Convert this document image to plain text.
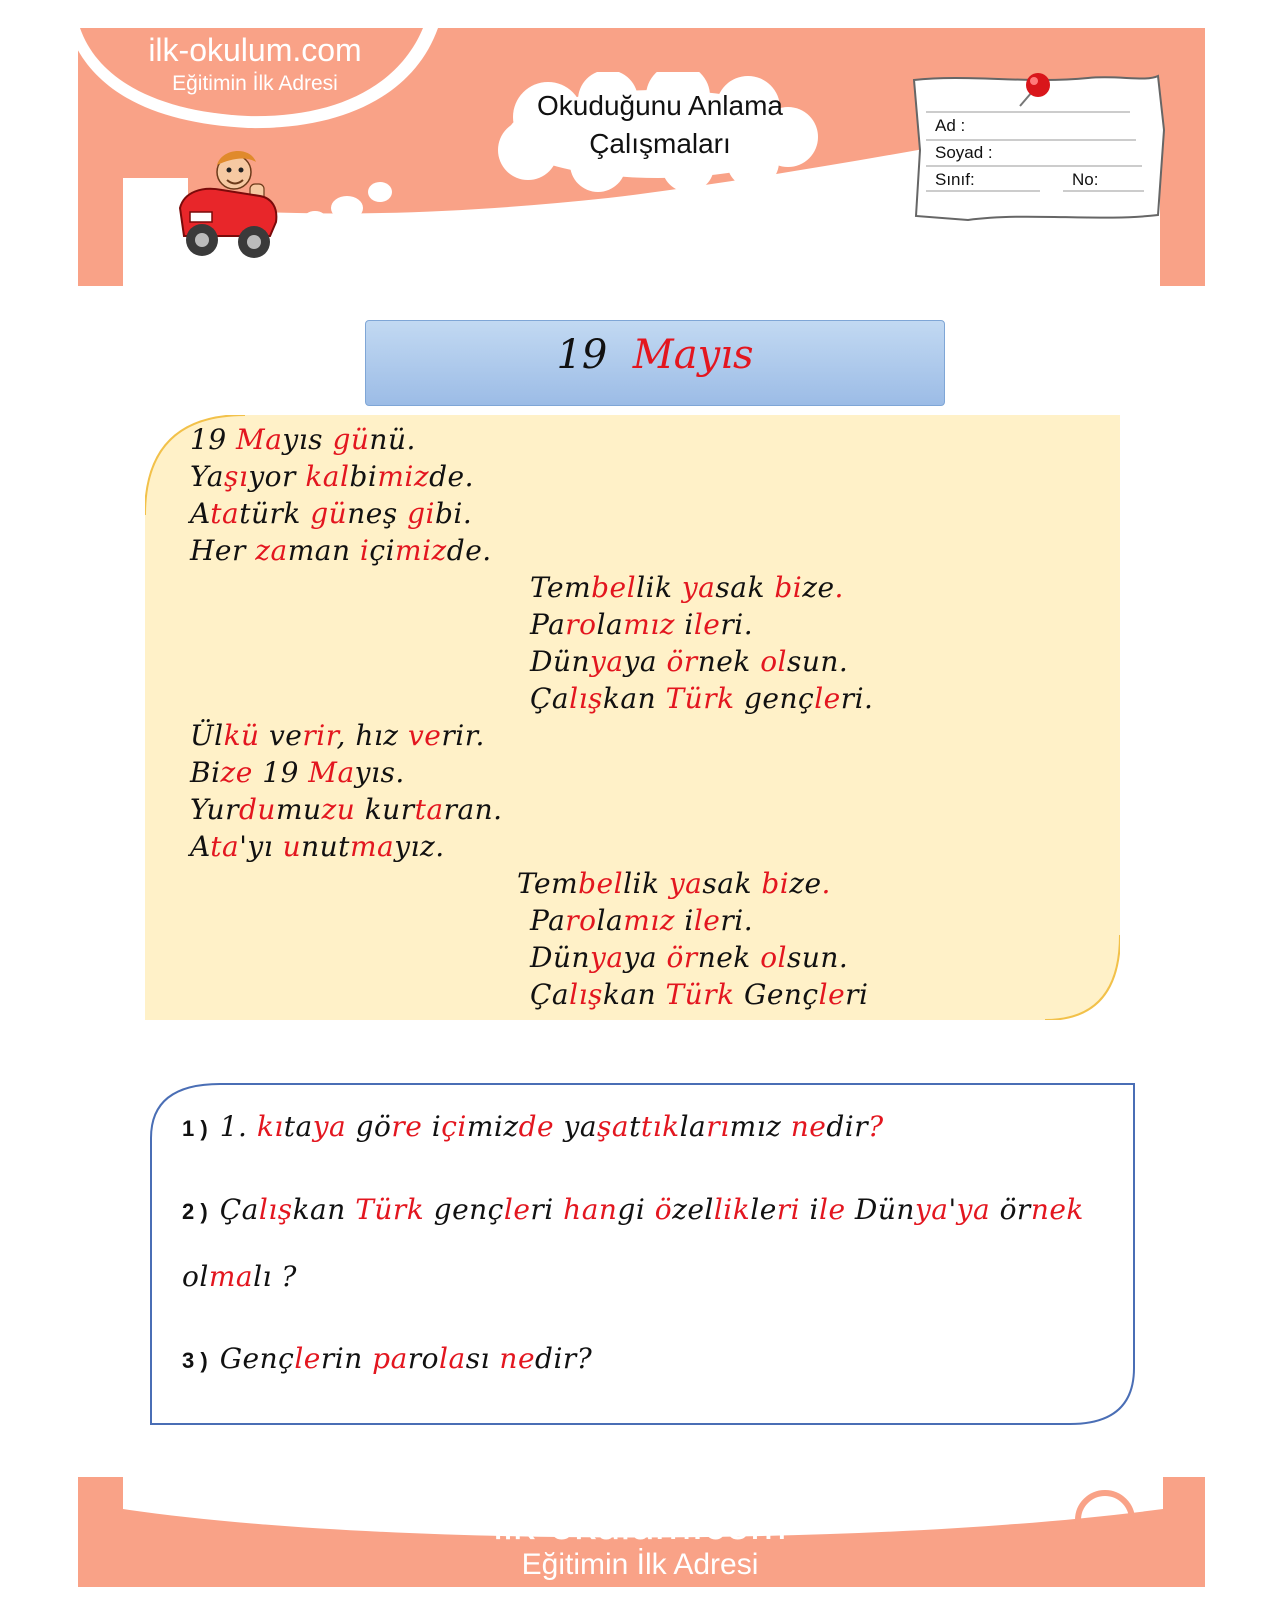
ilk-okulum.com
Eğitimin İlk Adresi
Okuduğunu Anlama
Çalışmaları
Ad :
Soyad :
Sınıf:	No:
19 Mayıs
19 Mayıs günü.
Yaşıyor kalbimizde.
Atatürk güneş gibi.
Her zaman içimizde.
Tembellik yasak bize.
Parolamız ileri.
Dünyaya örnek olsun.
Çalışkan Türk gençleri.
Ülkü verir, hız verir.
Bize 19 Mayıs.
Yurdumuzu kurtaran.
Ata'yı unutmayız.
Tembellik yasak bize.
Parolamız ileri.
Dünyaya örnek olsun.
Çalışkan Türk Gençleri
1 ) 1. kıtaya göre içimizde yaşattıklarımız nedir?
2 ) Çalışkan Türk gençleri hangi özellikleri ile Dünya'ya örnek
olmalı ?
3 ) Gençlerin parolası nedir?
ilk-okulum.com
Eğitimin İlk Adresi
